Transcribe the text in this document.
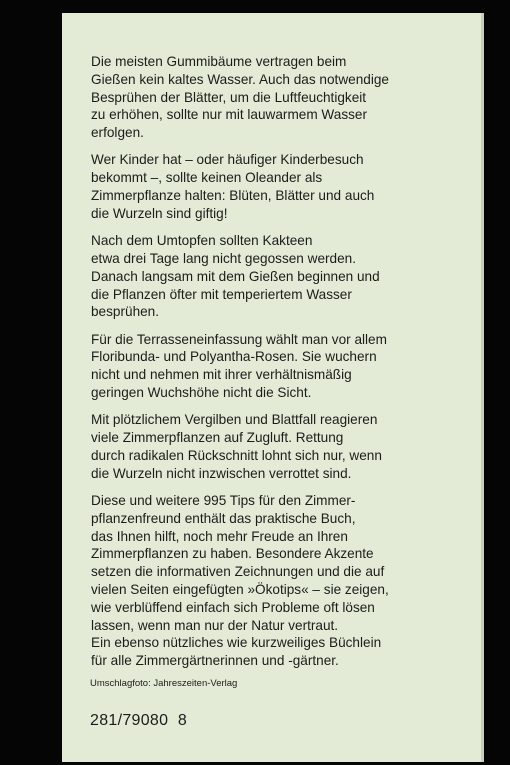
Die meisten Gummibäume vertragen beim
Gießen kein kaltes Wasser. Auch das notwendige
Besprühen der Blätter, um die Luftfeuchtigkeit
zu erhöhen, sollte nur mit lauwarmem Wasser
erfolgen.

Wer Kinder hat – oder häufiger Kinderbesuch
bekommt –, sollte keinen Oleander als
Zimmerpflanze halten: Blüten, Blätter und auch
die Wurzeln sind giftig!

Nach dem Umtopfen sollten Kakteen
etwa drei Tage lang nicht gegossen werden.
Danach langsam mit dem Gießen beginnen und
die Pflanzen öfter mit temperiertem Wasser
besprühen.

Für die Terrasseneinfassung wählt man vor allem
Floribunda- und Polyantha-Rosen. Sie wuchern
nicht und nehmen mit ihrer verhältnismäßig
geringen Wuchshöhe nicht die Sicht.

Mit plötzlichem Vergilben und Blattfall reagieren
viele Zimmerpflanzen auf Zugluft. Rettung
durch radikalen Rückschnitt lohnt sich nur, wenn
die Wurzeln nicht inzwischen verrottet sind.

Diese und weitere 995 Tips für den Zimmer-
pflanzenfreund enthält das praktische Buch,
das Ihnen hilft, noch mehr Freude an Ihren
Zimmerpflanzen zu haben. Besondere Akzente
setzen die informativen Zeichnungen und die auf
vielen Seiten eingefügten »Ökotips« – sie zeigen,
wie verblüffend einfach sich Probleme oft lösen
lassen, wenn man nur der Natur vertraut.
Ein ebenso nützliches wie kurzweiliges Büchlein
für alle Zimmergärtnerinnen und -gärtner.

Umschlagfoto: Jahreszeiten-Verlag
281/79080  8
